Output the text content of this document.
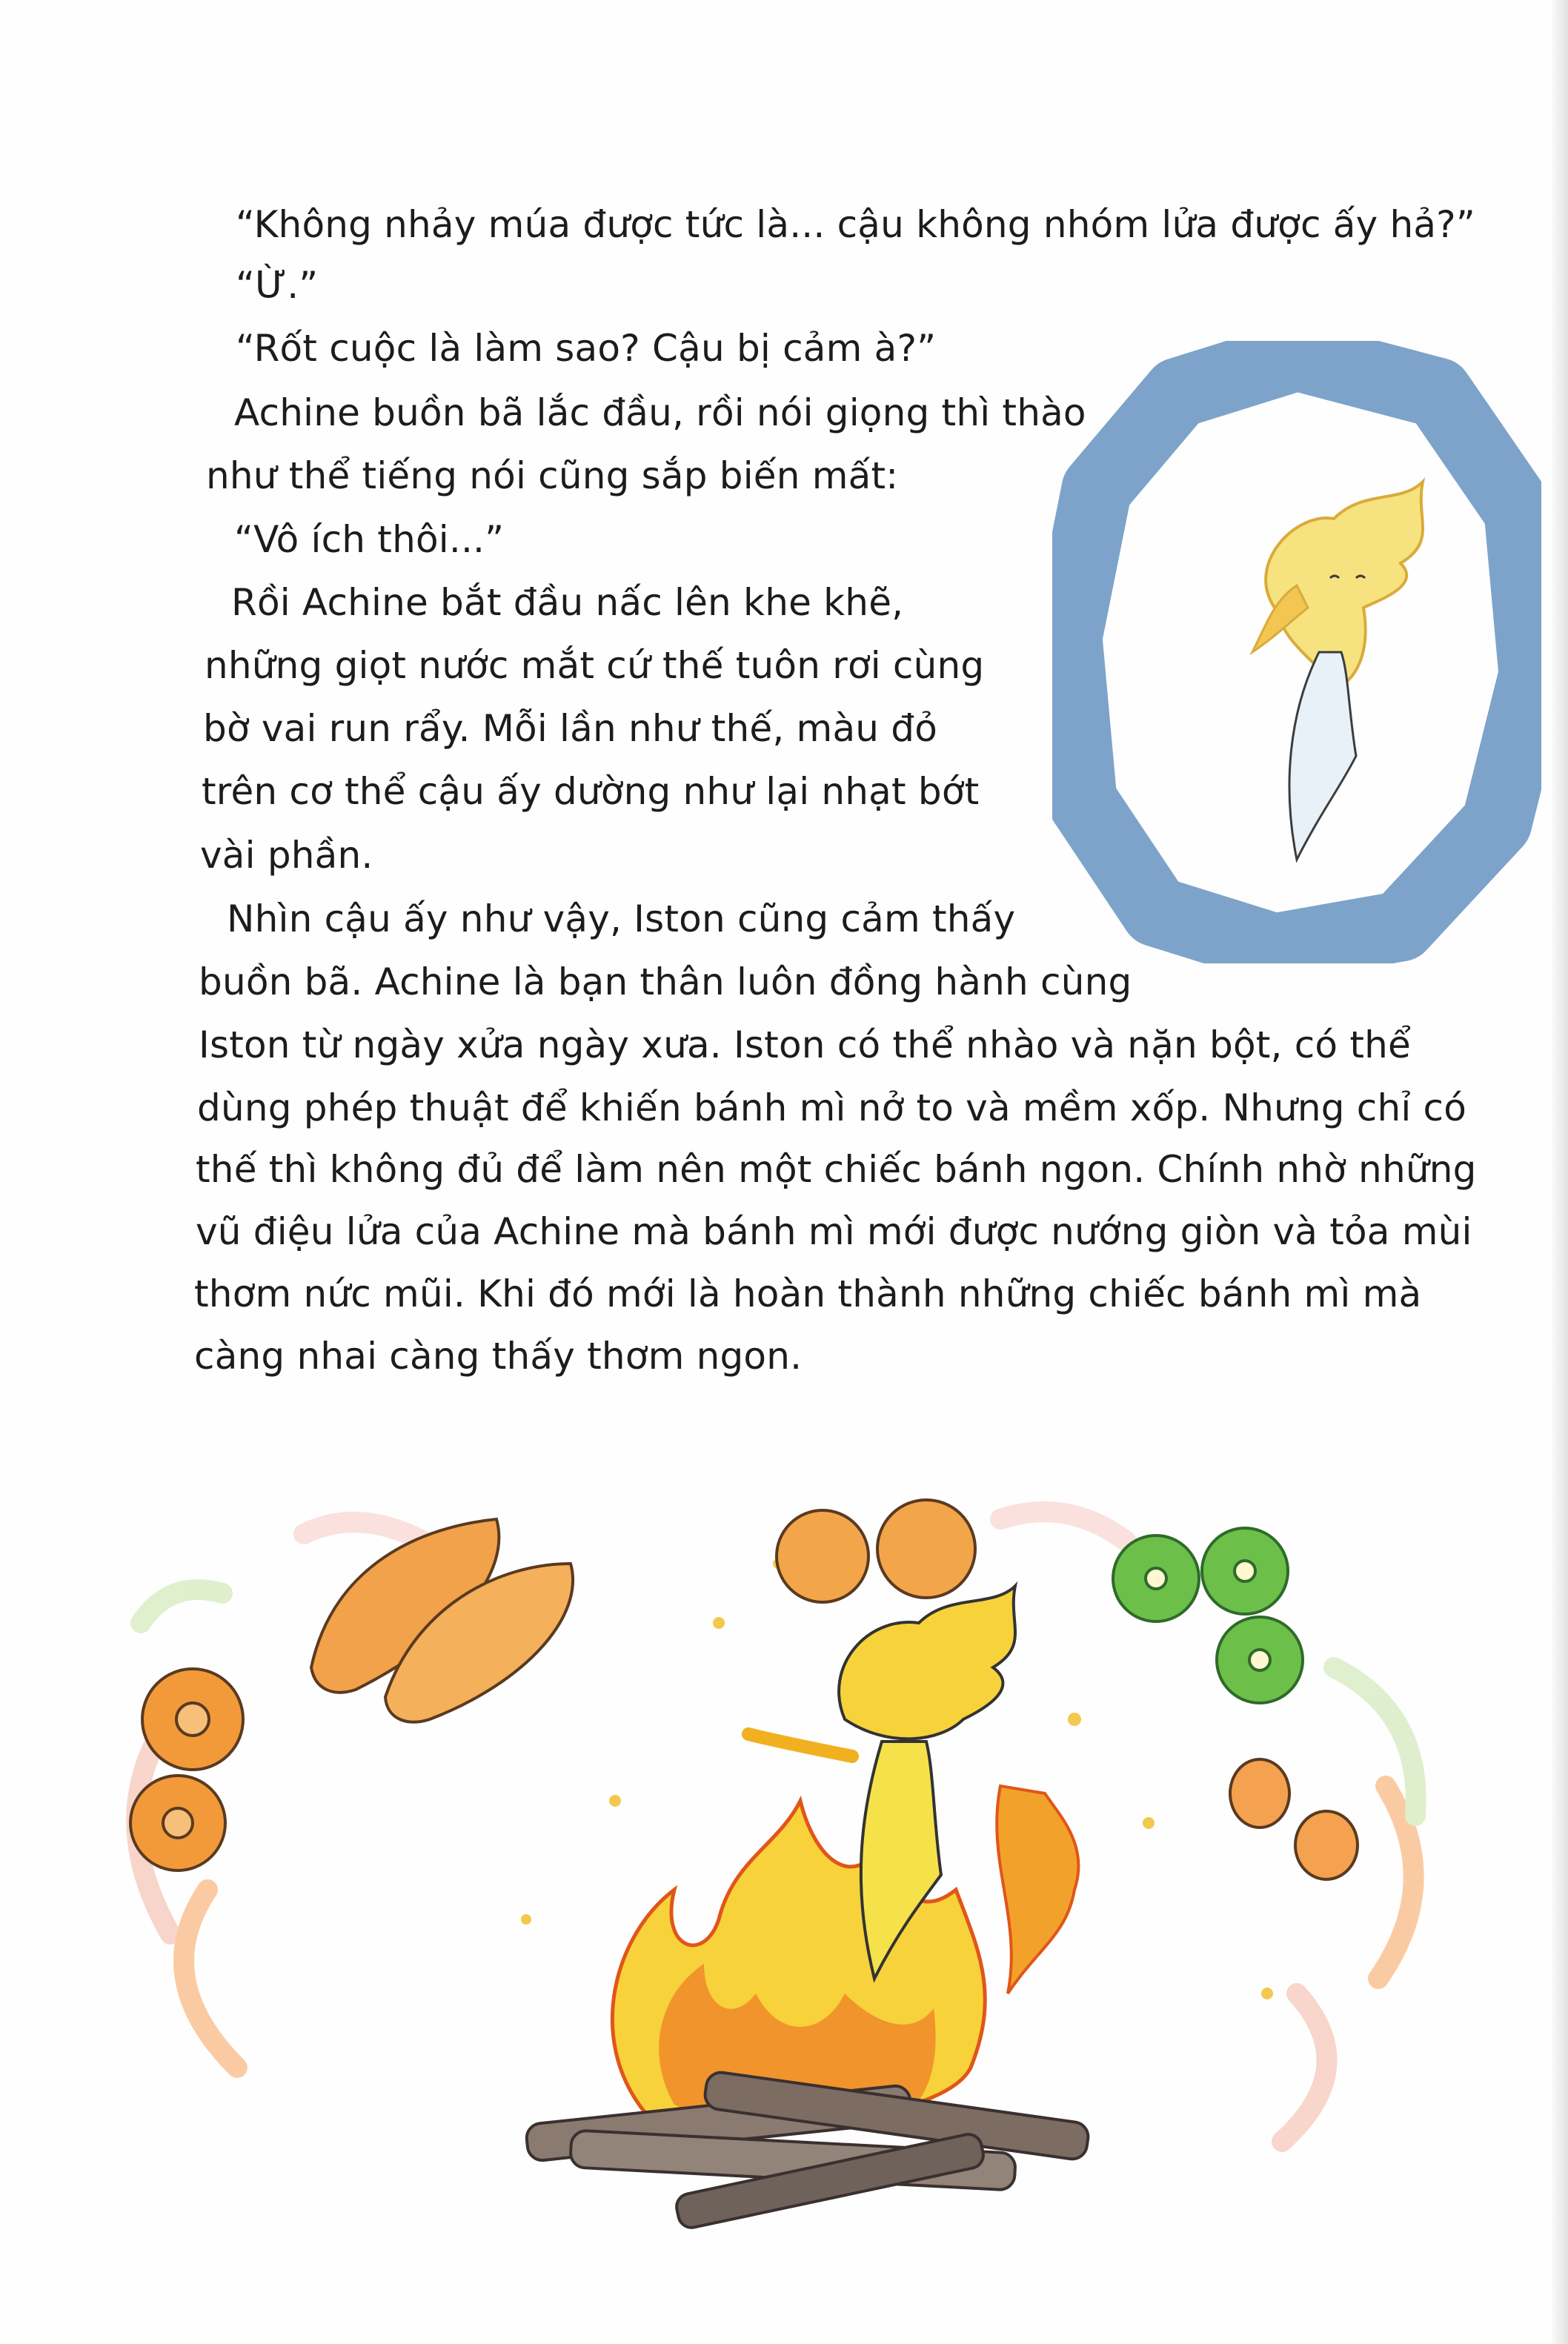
“Không nhảy múa được tức là... cậu không nhóm lửa được ấy hả?”
“Ừ.”
“Rốt cuộc là làm sao? Cậu bị cảm à?”
Achine buồn bã lắc đầu, rồi nói giọng thì thào
như thể tiếng nói cũng sắp biến mất:
“Vô ích thôi...”
Rồi Achine bắt đầu nấc lên khe khẽ,
những giọt nước mắt cứ thế tuôn rơi cùng
bờ vai run rẩy. Mỗi lần như thế, màu đỏ
trên cơ thể cậu ấy dường như lại nhạt bớt
vài phần.
Nhìn cậu ấy như vậy, Iston cũng cảm thấy
buồn bã. Achine là bạn thân luôn đồng hành cùng
Iston từ ngày xửa ngày xưa. Iston có thể nhào và nặn bột, có thể
dùng phép thuật để khiến bánh mì nở to và mềm xốp. Nhưng chỉ có
thế thì không đủ để làm nên một chiếc bánh ngon. Chính nhờ những
vũ điệu lửa của Achine mà bánh mì mới được nướng giòn và tỏa mùi
thơm nức mũi. Khi đó mới là hoàn thành những chiếc bánh mì mà
càng nhai càng thấy thơm ngon.
